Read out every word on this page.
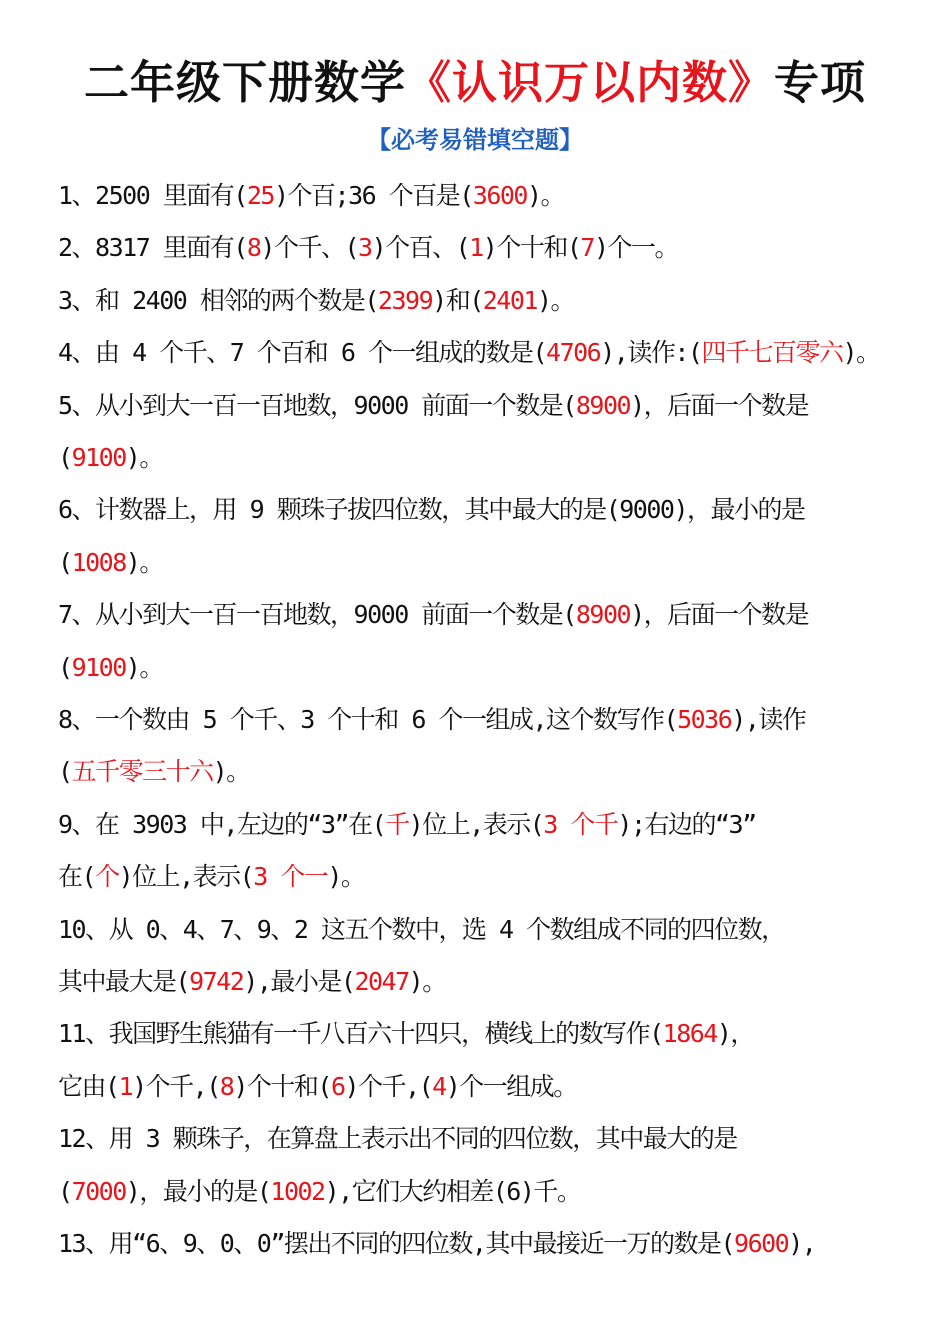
二年级下册数学《认识万以内数》专项
【必考易错填空题】
1、2500 里面有(25)个百;36 个百是(3600)。
2、8317 里面有(8)个千、(3)个百、(1)个十和(7)个一。
3、和 2400 相邻的两个数是(2399)和(2401)。
4、由 4 个千、7 个百和 6 个一组成的数是(4706),读作:(四千七百零六)。
5、从小到大一百一百地数，9000 前面一个数是(8900)，后面一个数是
(9100)。
6、计数器上，用 9 颗珠子拔四位数，其中最大的是(9000)，最小的是
(1008)。
7、从小到大一百一百地数，9000 前面一个数是(8900)，后面一个数是
(9100)。
8、一个数由 5 个千、3 个十和 6 个一组成,这个数写作(5036),读作
(五千零三十六)。
9、在 3903 中,左边的“3”在(千)位上,表示(3 个千);右边的“3”
在(个)位上,表示(3 个一)。
10、从 0、4、7、9、2 这五个数中，选 4 个数组成不同的四位数，
其中最大是(9742),最小是(2047)。
11、我国野生熊猫有一千八百六十四只，横线上的数写作(1864)，
它由(1)个千,(8)个十和(6)个千,(4)个一组成。
12、用 3 颗珠子，在算盘上表示出不同的四位数，其中最大的是
(7000)，最小的是(1002),它们大约相差(6)千。
13、用“6、9、0、0”摆出不同的四位数,其中最接近一万的数是(9600),
